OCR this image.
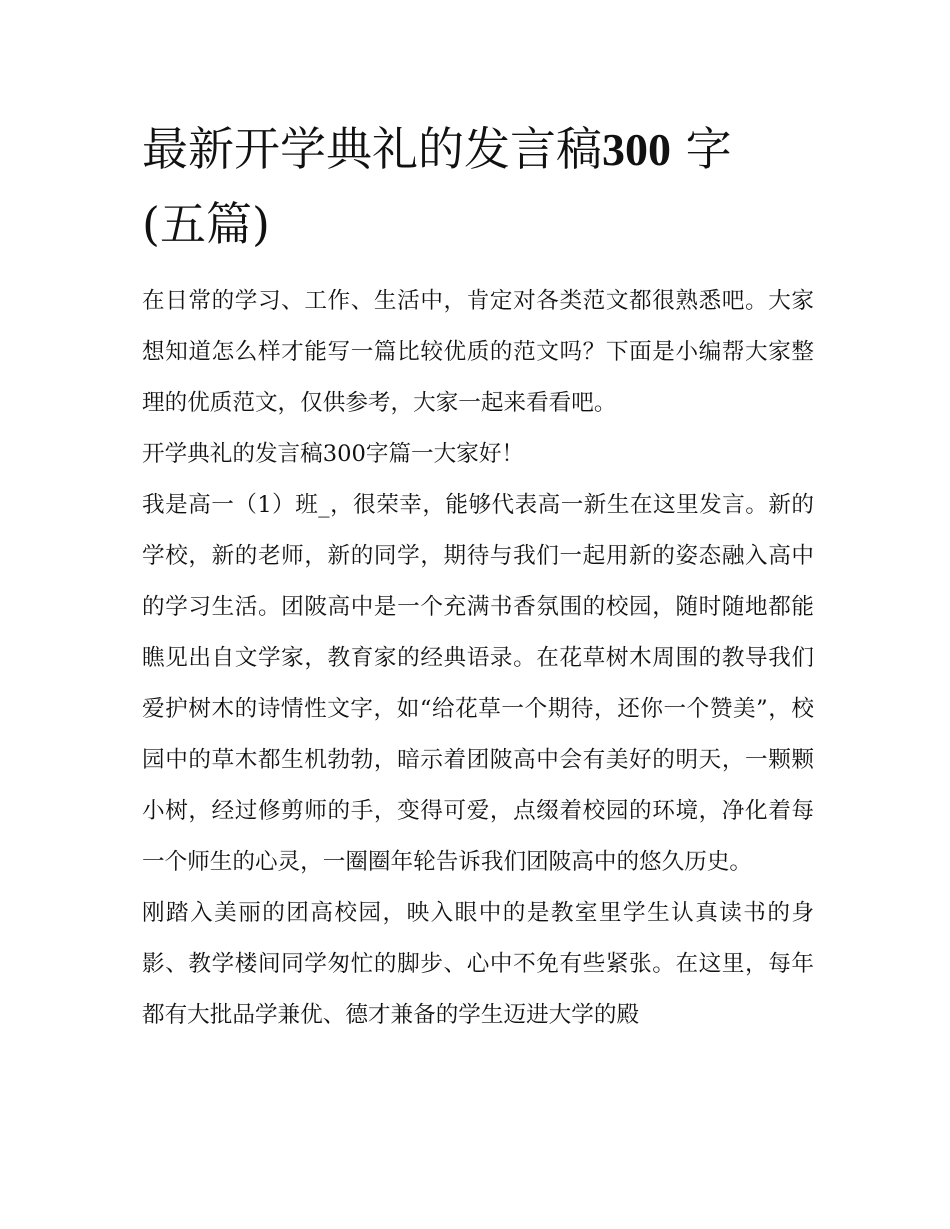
最新开学典礼的发言稿300 字
(五篇)

在日常的学习、工作、生活中，肯定对各类范文都很熟悉吧。大家想知道怎么样才能写一篇比较优质的范文吗？下面是小编帮大家整理的优质范文，仅供参考，大家一起来看看吧。

开学典礼的发言稿300字篇一大家好！

我是高一（1）班_，很荣幸，能够代表高一新生在这里发言。新的学校，新的老师，新的同学，期待与我们一起用新的姿态融入高中的学习生活。团陂高中是一个充满书香氛围的校园，随时随地都能瞧见出自文学家，教育家的经典语录。在花草树木周围的教导我们爱护树木的诗情性文字，如“给花草一个期待，还你一个赞美”，校园中的草木都生机勃勃，暗示着团陂高中会有美好的明天，一颗颗小树，经过修剪师的手，变得可爱，点缀着校园的环境，净化着每一个师生的心灵，一圈圈年轮告诉我们团陂高中的悠久历史。

刚踏入美丽的团高校园，映入眼中的是教室里学生认真读书的身影、教学楼间同学匆忙的脚步、心中不免有些紧张。在这里，每年都有大批品学兼优、德才兼备的学生迈进大学的殿
